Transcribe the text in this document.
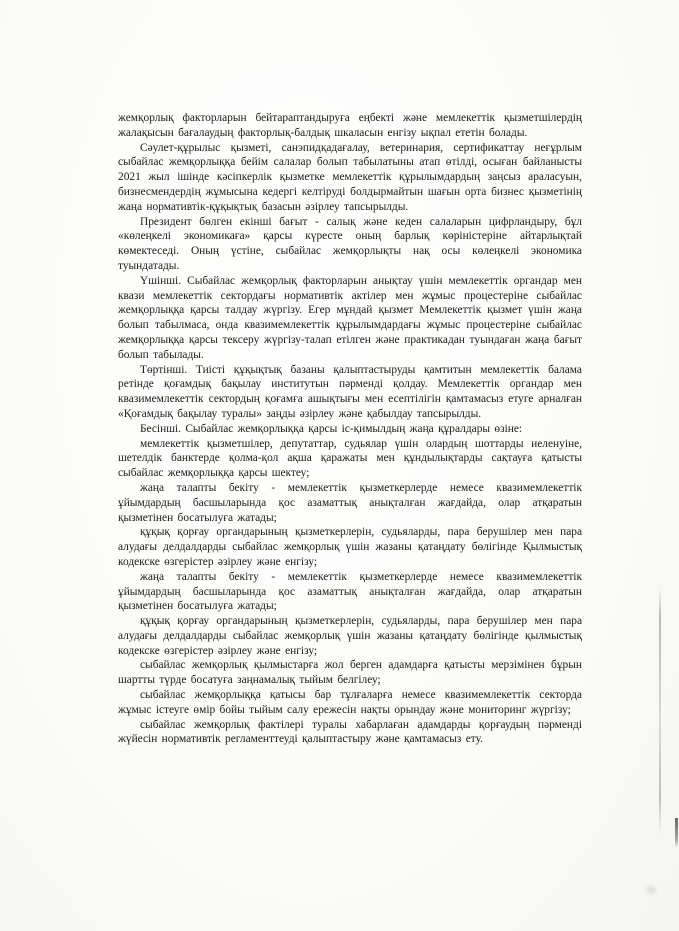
жемқорлық факторларын бейтараптандыруға еңбекті және мемлекеттік қызметшілердің жалақысын бағалаудың факторлық-балдық шкаласын енгізу ықпал ететін болады.

Сәулет-құрылыс қызметі, санэпидқадағалау, ветеринария, сертификаттау неғұрлым сыбайлас жемқорлыққа бейім салалар болып табылатыны атап өтілді, осыған байланысты 2021 жыл ішінде кәсіпкерлік қызметке мемлекеттік құрылымдардың заңсыз араласуын, бизнесмендердің жұмысына кедергі келтіруді болдырмайтын шағын орта бизнес қызметінің жаңа нормативтік-құқықтық базасын әзірлеу тапсырылды.

Президент бөлген екінші бағыт - салық және кеден салаларын цифрландыру, бұл «көлеңкелі экономикаға» қарсы күресте оның барлық көріністеріне айтарлықтай көмектеседі. Оның үстіне, сыбайлас жемқорлықты нақ осы көлеңкелі экономика туындатады.

Үшінші. Сыбайлас жемқорлық факторларын анықтау үшін мемлекеттік органдар мен квази мемлекеттік сектордағы нормативтік актілер мен жұмыс процестеріне сыбайлас жемқорлыққа қарсы талдау жүргізу. Егер мұндай қызмет Мемлекеттік қызмет үшін жаңа болып табылмаса, онда квазимемлекеттік құрылымдардағы жұмыс процестеріне сыбайлас жемқорлыққа қарсы тексеру жүргізу-талап етілген және практикадан туындаған жаңа бағыт болып табылады.

Төртінші. Тиісті құқықтық базаны қалыптастыруды қамтитын мемлекеттік балама ретінде қоғамдық бақылау институтын пәрменді қолдау. Мемлекеттік органдар мен квазимемлекеттік сектордың қоғамға ашықтығы мен есептілігін қамтамасыз етуге арналған «Қоғамдық бақылау туралы» заңды әзірлеу және қабылдау тапсырылды.

Бесінші. Сыбайлас жемқорлыққа қарсы іс-қимылдың жаңа құралдары өзіне:

мемлекеттік қызметшілер, депутаттар, судьялар үшін олардың шоттарды иеленуіне, шетелдік банктерде қолма-қол ақша қаражаты мен құндылықтарды сақтауға қатысты сыбайлас жемқорлыққа қарсы шектеу;

жаңа талапты бекіту - мемлекеттік қызметкерлерде немесе квазимемлекеттік ұйымдардың басшыларында қос азаматтық анықталған жағдайда, олар атқаратын қызметінен босатылуға жатады;

құқық қорғау органдарының қызметкерлерін, судьяларды, пара берушілер мен пара алудағы делдалдарды сыбайлас жемқорлық үшін жазаны қатаңдату бөлігінде Қылмыстық кодекске өзгерістер әзірлеу және енгізу;

жаңа талапты бекіту - мемлекеттік қызметкерлерде немесе квазимемлекеттік ұйымдардың басшыларында қос азаматтық анықталған жағдайда, олар атқаратын қызметінен босатылуға жатады;

құқық қорғау органдарының қызметкерлерін, судьяларды, пара берушілер мен пара алудағы делдалдарды сыбайлас жемқорлық үшін жазаны қатаңдату бөлігінде қылмыстық кодекске өзгерістер әзірлеу және енгізу;

сыбайлас жемқорлық қылмыстарға жол берген адамдарға қатысты мерзімінен бұрын шартты түрде босатуға заңнамалық тыйым белгілеу;

сыбайлас жемқорлыққа қатысы бар тұлғаларға немесе квазимемлекеттік секторда жұмыс істеуге өмір бойы тыйым салу ережесін нақты орындау және мониторинг жүргізу;

сыбайлас жемқорлық фактілері туралы хабарлаған адамдарды қорғаудың пәрменді жүйесін нормативтік регламенттеуді қалыптастыру және қамтамасыз ету.
